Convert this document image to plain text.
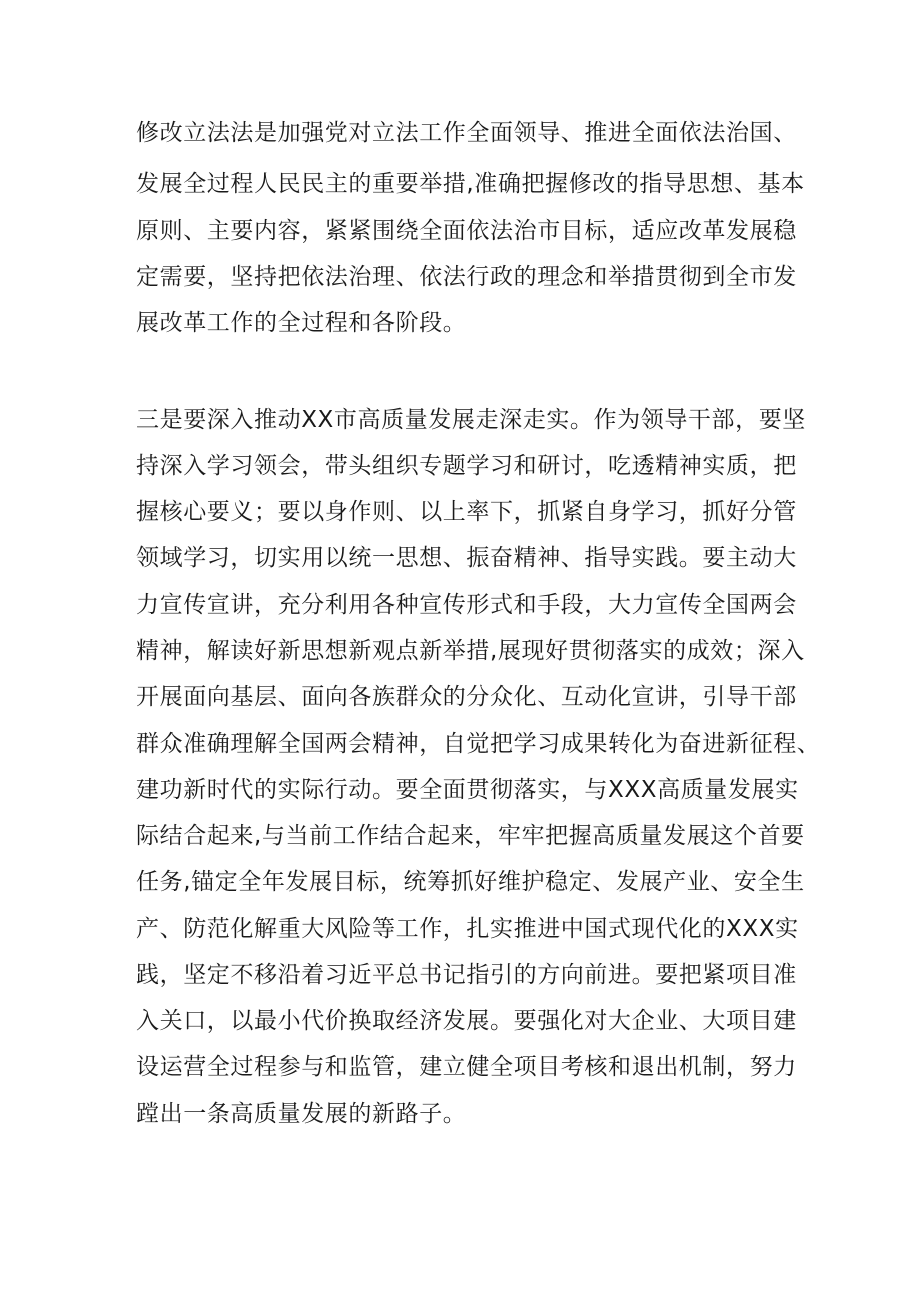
修改立法法是加强党对立法工作全面领导、推进全面依法治国、

发展全过程人民民主的重要举措,准确把握修改的指导思想、基本

原则、主要内容，紧紧围绕全面依法治市目标，适应改革发展稳

定需要，坚持把依法治理、依法行政的理念和举措贯彻到全市发

展改革工作的全过程和各阶段。

三是要深入推动XX市高质量发展走深走实。作为领导干部，要坚

持深入学习领会，带头组织专题学习和研讨，吃透精神实质，把

握核心要义；要以身作则、以上率下，抓紧自身学习，抓好分管

领域学习，切实用以统一思想、振奋精神、指导实践。要主动大

力宣传宣讲，充分利用各种宣传形式和手段，大力宣传全国两会

精神，解读好新思想新观点新举措,展现好贯彻落实的成效；深入

开展面向基层、面向各族群众的分众化、互动化宣讲，引导干部

群众准确理解全国两会精神，自觉把学习成果转化为奋进新征程、

建功新时代的实际行动。要全面贯彻落实，与XXX高质量发展实

际结合起来,与当前工作结合起来，牢牢把握高质量发展这个首要

任务,锚定全年发展目标，统筹抓好维护稳定、发展产业、安全生

产、防范化解重大风险等工作，扎实推进中国式现代化的XXX实

践，坚定不移沿着习近平总书记指引的方向前进。要把紧项目准

入关口，以最小代价换取经济发展。要强化对大企业、大项目建

设运营全过程参与和监管，建立健全项目考核和退出机制，努力

蹚出一条高质量发展的新路子。
